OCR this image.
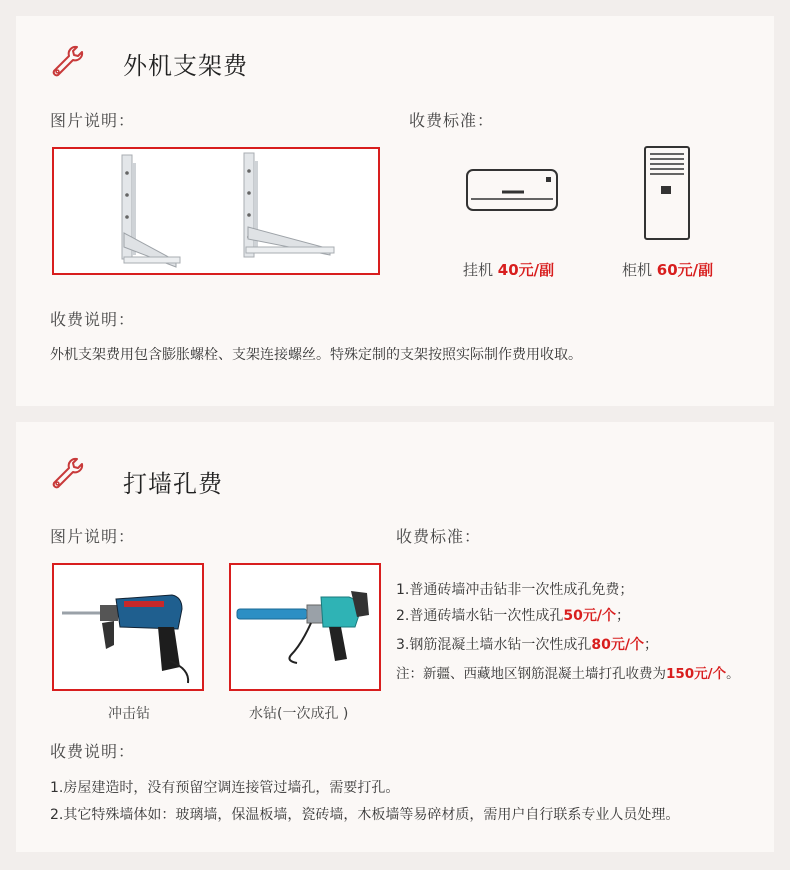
外机支架费
图片说明：	收费标准：
挂机 40元/副	柜机 60元/副
收费说明：
外机支架费用包含膨胀螺栓、支架连接螺丝。特殊定制的支架按照实际制作费用收取。
打墙孔费
图片说明：	收费标准：
冲击钻	水钻(一次成孔 )
1.普通砖墙冲击钻非一次性成孔免费；
2.普通砖墙水钻一次性成孔50元/个；
3.钢筋混凝土墙水钻一次性成孔80元/个；
注：新疆、西藏地区钢筋混凝土墙打孔收费为150元/个。
收费说明：
1.房屋建造时，没有预留空调连接管过墙孔，需要打孔。
2.其它特殊墙体如：玻璃墙，保温板墙，瓷砖墙，木板墙等易碎材质，需用户自行联系专业人员处理。
